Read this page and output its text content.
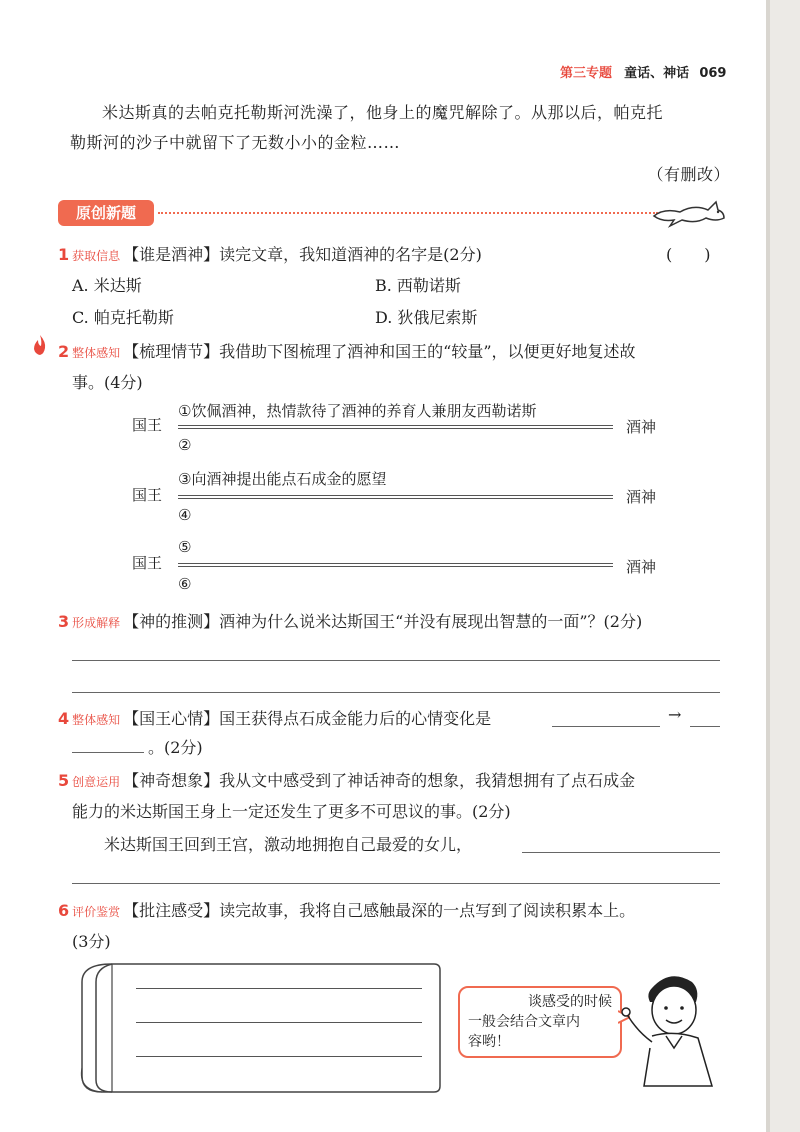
第三专题 童话、神话 069
米达斯真的去帕克托勒斯河洗澡了，他身上的魔咒解除了。从那以后，帕克托
勒斯河的沙子中就留下了无数小小的金粒……
（有删改）
原创新题
1 获取信息 【谁是酒神】读完文章，我知道酒神的名字是(2分)	(　　)
A. 米达斯	B. 西勒诺斯
C. 帕克托勒斯	D. 狄俄尼索斯
2 整体感知 【梳理情节】我借助下图梳理了酒神和国王的“较量”，以便更好地复述故
事。(4分)
国王	酒神
①饮佩酒神，热情款待了酒神的养育人兼朋友西勒诺斯
②
国王	酒神
③向酒神提出能点石成金的愿望
④
国王	酒神
⑤
⑥
3 形成解释 【神的推测】酒神为什么说米达斯国王“并没有展现出智慧的一面”？(2分)
4 整体感知 【国王心情】国王获得点石成金能力后的心情变化是	→
。(2分)
5 创意运用 【神奇想象】我从文中感受到了神话神奇的想象，我猜想拥有了点石成金
能力的米达斯国王身上一定还发生了更多不可思议的事。(2分)
米达斯国王回到王宫，激动地拥抱自己最爱的女儿，
6 评价鉴赏 【批注感受】读完故事，我将自己感触最深的一点写到了阅读积累本上。
(3分)
谈感受的时候
一般会结合文章内
容哟！
